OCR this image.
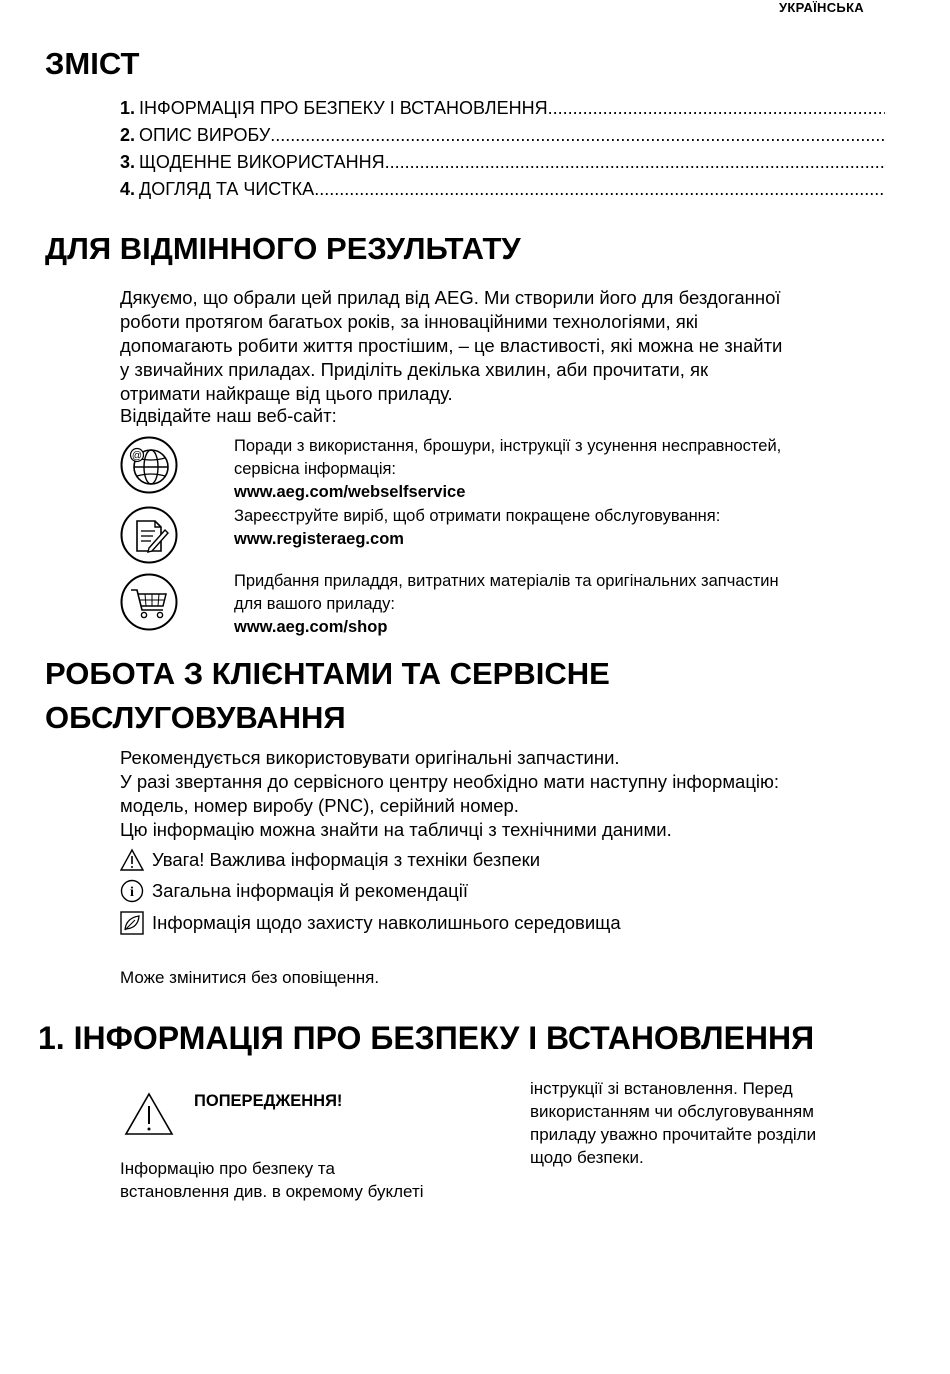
УКРАЇНСЬКА
ЗМІСТ
1. ІНФОРМАЦІЯ ПРО БЕЗПЕКУ І ВСТАНОВЛЕННЯ
.....
2. ОПИС ВИРОБУ
.....
3. ЩОДЕННЕ ВИКОРИСТАННЯ
.....
4. ДОГЛЯД ТА ЧИСТКА
.....
ДЛЯ ВІДМІННОГО РЕЗУЛЬТАТУ
Дякуємо, що обрали цей прилад від AEG. Ми створили його для бездоганної
роботи протягом багатьох років, за інноваційними технологіями, які
допомагають робити життя простішим, – це властивості, які можна не знайти
у звичайних приладах. Приділіть декілька хвилин, аби прочитати, як
отримати найкраще від цього приладу.
Відвідайте наш веб-сайт:
@
Поради з використання, брошури, інструкції з усунення несправностей,
сервісна інформація:
www.aeg.com/webselfservice
Зареєструйте виріб, щоб отримати покращене обслуговування:
www.registeraeg.com
Придбання приладдя, витратних матеріалів та оригінальних запчастин
для вашого приладу:
www.aeg.com/shop
РОБОТА З КЛІЄНТАМИ ТА СЕРВІСНЕ
ОБСЛУГОВУВАННЯ
Рекомендується використовувати оригінальні запчастини.
У разі звертання до сервісного центру необхідно мати наступну інформацію:
модель, номер виробу (PNC), серійний номер.
Цю інформацію можна знайти на табличці з технічними даними.
Увага! Важлива інформація з техніки безпеки
i Загальна інформація й рекомендації
Інформація щодо захисту навколишнього середовища
Може змінитися без оповіщення.
1. ІНФОРМАЦІЯ ПРО БЕЗПЕКУ І ВСТАНОВЛЕННЯ
ПОПЕРЕДЖЕННЯ!
Інформацію про безпеку та
встановлення див. в окремому буклеті
інструкції зі встановлення. Перед
використанням чи обслуговуванням
приладу уважно прочитайте розділи
щодо безпеки.
